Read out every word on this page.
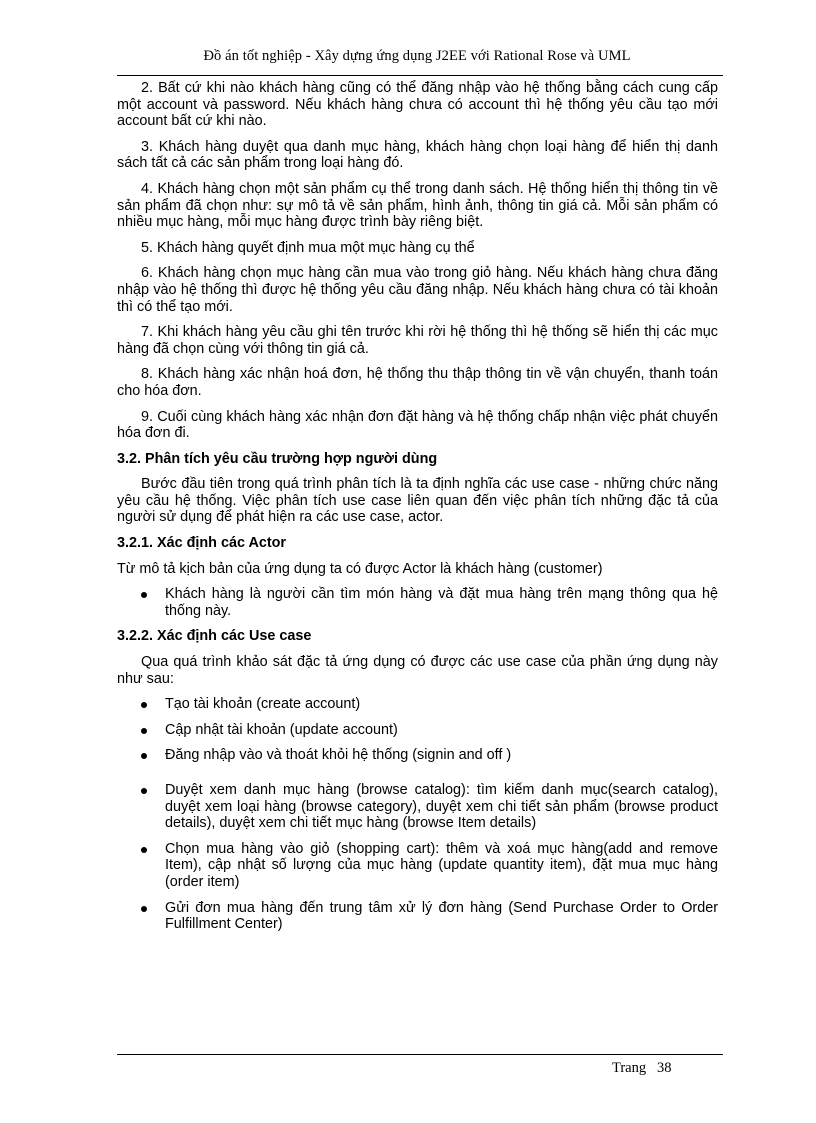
Đồ án tốt nghiệp - Xây dựng ứng dụng J2EE với Rational Rose và UML

2. Bất cứ khi nào khách hàng cũng có thể đăng nhập vào hệ thống bằng cách cung cấp một account và password. Nếu khách hàng chưa có account thì hệ thống yêu cầu tạo mới account bất cứ khi nào.

3. Khách hàng duyệt qua danh mục hàng, khách hàng chọn loại hàng để hiển thị danh sách tất cả các sản phẩm trong loại hàng đó.

4. Khách hàng chọn một sản phẩm cụ thể trong danh sách. Hệ thống hiển thị thông tin về sản phẩm đã chọn như: sự mô tả về sản phẩm, hình ảnh, thông tin giá cả. Mỗi sản phẩm có nhiều mục hàng, mỗi mục hàng được trình bày riêng biệt.

5. Khách hàng quyết định mua một mục hàng cụ thể

6. Khách hàng chọn mục hàng cần mua vào trong giỏ hàng. Nếu khách hàng chưa đăng nhập vào hệ thống thì được hệ thống yêu cầu đăng nhập. Nếu khách hàng chưa có tài khoản thì có thể tạo mới.

7. Khi khách hàng yêu cầu ghi tên trước khi rời hệ thống thì hệ thống sẽ hiển thị các mục hàng đã chọn cùng với thông tin giá cả.

8. Khách hàng xác nhận hoá đơn, hệ thống thu thập thông tin về vận chuyển, thanh toán cho hóa đơn.

9. Cuối cùng khách hàng xác nhận đơn đặt hàng và hệ thống chấp nhận việc phát chuyển hóa đơn đi.

3.2. Phân tích yêu cầu trường hợp người dùng

Bước đầu tiên trong quá trình phân tích là ta định nghĩa các use case - những chức năng yêu cầu hệ thống. Việc phân tích use case liên quan đến việc phân tích những đặc tả của người sử dụng để phát hiện ra các use case, actor.

3.2.1. Xác định các Actor

Từ mô tả kịch bản của ứng dụng ta có được Actor là khách hàng (customer)

Khách hàng là người cần tìm món hàng và đặt mua hàng trên mạng thông qua hệ thống này.
3.2.2. Xác định các Use case

Qua quá trình khảo sát đặc tả ứng dụng có được các use case của phần ứng dụng này như sau:

Tạo tài khoản (create account)
Cập nhật tài khoản (update account)
Đăng nhập vào và thoát khỏi hệ thống (signin and off )
Duyệt xem danh mục hàng (browse catalog): tìm kiếm danh mục(search catalog), duyệt xem loại hàng (browse category), duyệt xem chi tiết sản phẩm (browse product details), duyệt xem chi tiết mục hàng (browse Item details)
Chọn mua hàng vào giỏ (shopping cart): thêm và xoá mục hàng(add and remove Item), cập nhật số lượng của mục hàng (update quantity item), đặt mua mục hàng (order item)
Gửi đơn mua hàng đến trung tâm xử lý đơn hàng (Send Purchase Order to Order Fulfillment Center)
Trang 38
